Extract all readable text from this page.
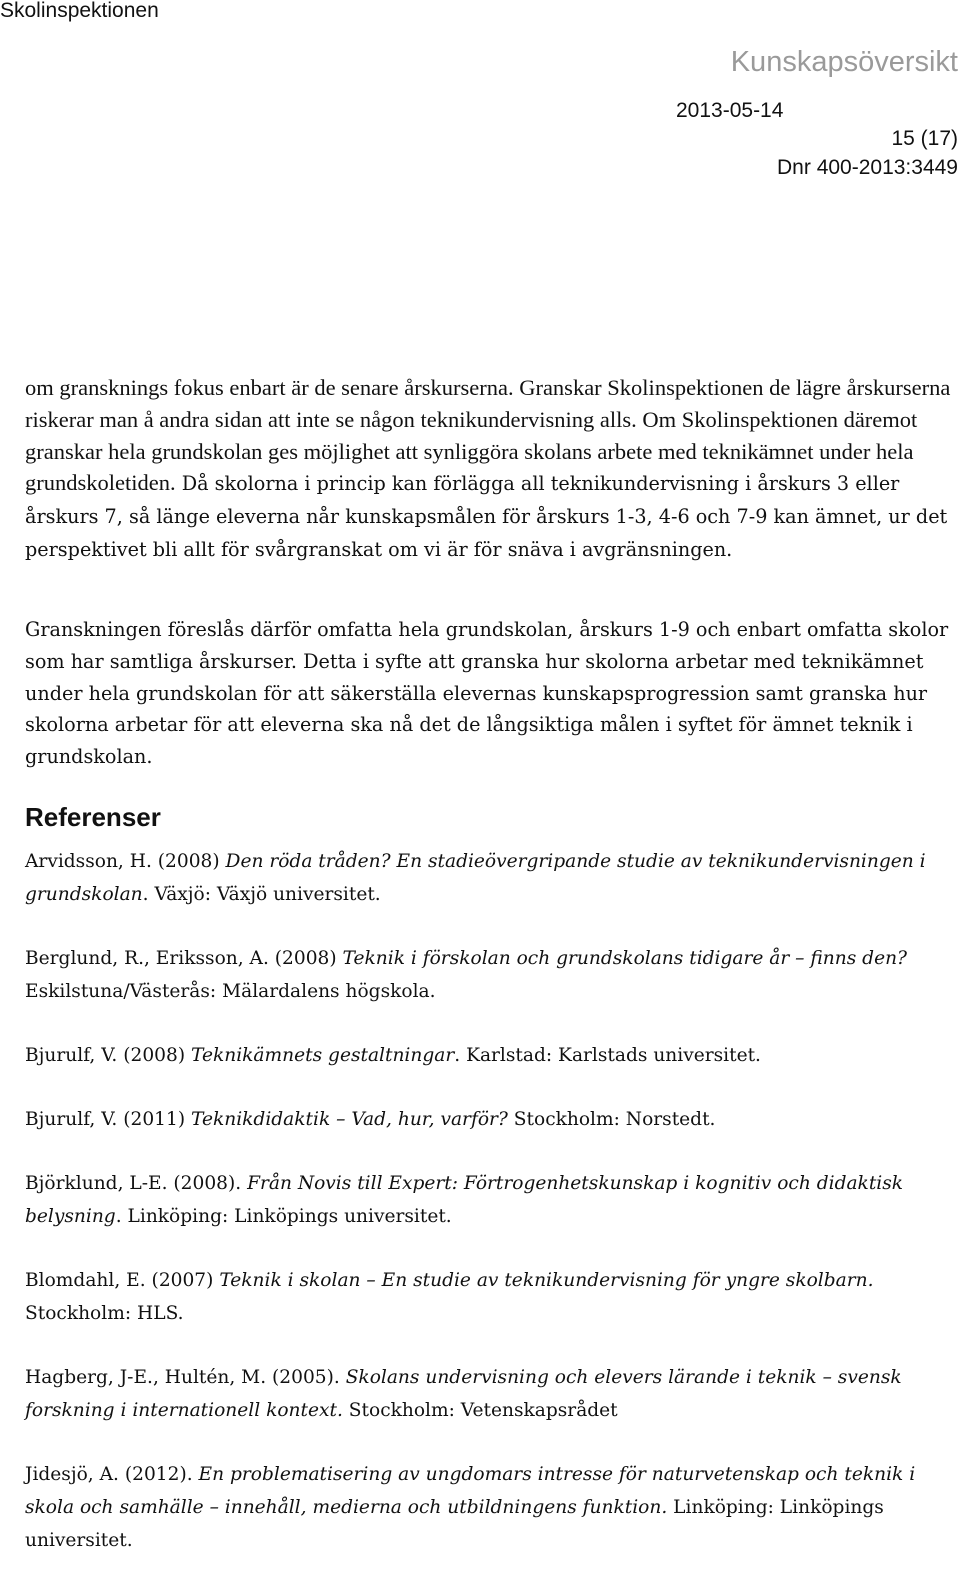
Skolinspektionen
Kunskapsöversikt
2013-05-14
15 (17)
Dnr 400-2013:3449

om gransknings fokus enbart är de senare årskurserna. Granskar Skolinspektionen de lägre årskurserna riskerar man å andra sidan att inte se någon teknikundervisning alls. Om Skolinspektionen däremot granskar hela grundskolan ges möjlighet att synliggöra skolans arbete med teknikämnet under hela grundskoletiden. Då skolorna i princip kan förlägga all teknikundervisning i årskurs 3 eller årskurs 7, så länge eleverna når kunskapsmålen för årskurs 1-3, 4-6 och 7-9 kan ämnet, ur det perspektivet bli allt för svårgranskat om vi är för snäva i avgränsningen.

Granskningen föreslås därför omfatta hela grundskolan, årskurs 1-9 och enbart omfatta skolor som har samtliga årskurser. Detta i syfte att granska hur skolorna arbetar med teknikämnet under hela grundskolan för att säkerställa elevernas kunskapsprogression samt granska hur skolorna arbetar för att eleverna ska nå det de långsiktiga målen i syftet för ämnet teknik i grundskolan.

Referenser
Arvidsson, H. (2008) Den röda tråden? En stadieövergripande studie av teknikundervisningen i grundskolan. Växjö: Växjö universitet.
Berglund, R., Eriksson, A. (2008) Teknik i förskolan och grundskolans tidigare år – finns den? Eskilstuna/Västerås: Mälardalens högskola.
Bjurulf, V. (2008) Teknikämnets gestaltningar. Karlstad: Karlstads universitet.
Bjurulf, V. (2011) Teknikdidaktik – Vad, hur, varför? Stockholm: Norstedt.
Björklund, L-E. (2008). Från Novis till Expert: Förtrogenhetskunskap i kognitiv och didaktisk belysning. Linköping: Linköpings universitet.
Blomdahl, E. (2007) Teknik i skolan – En studie av teknikundervisning för yngre skolbarn. Stockholm: HLS.
Hagberg, J-E., Hultén, M. (2005). Skolans undervisning och elevers lärande i teknik – svensk forskning i internationell kontext. Stockholm: Vetenskapsrådet
Jidesjö, A. (2012). En problematisering av ungdomars intresse för naturvetenskap och teknik i skola och samhälle – innehåll, medierna och utbildningens funktion. Linköping: Linköpings universitet.
